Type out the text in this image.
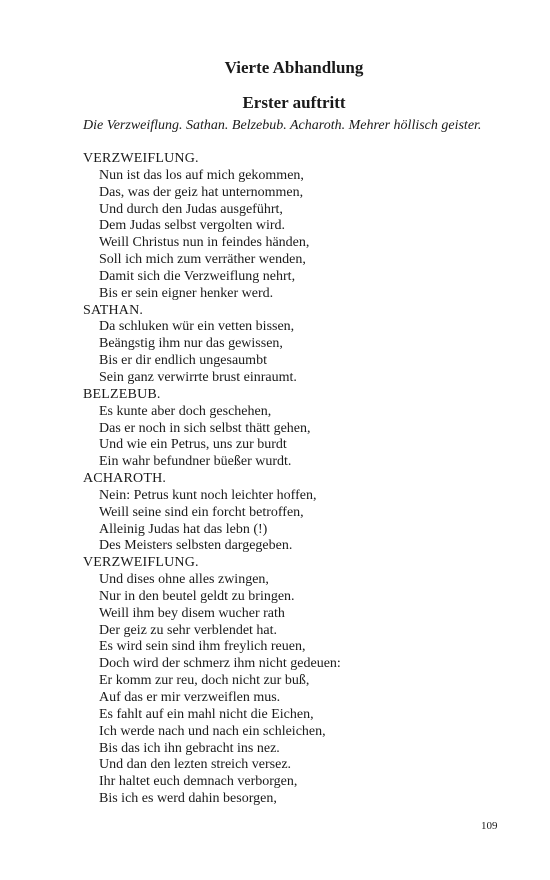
Vierte Abhandlung
Erster auftritt

Die Verzweiflung. Sathan. Belzebub. Acharoth. Mehrer höllisch geister.

VERZWEIFLUNG.
Nun ist das los auf mich gekommen,
Das, was der geiz hat unternommen,
Und durch den Judas ausgeführt,
Dem Judas selbst vergolten wird.
Weill Christus nun in feindes händen,
Soll ich mich zum verräther wenden,
Damit sich die Verzweiflung nehrt,
Bis er sein eigner henker werd.
SATHAN.
Da schluken wür ein vetten bissen,
Beängstig ihm nur das gewissen,
Bis er dir endlich ungesaumbt
Sein ganz verwirrte brust einraumt.
BELZEBUB.
Es kunte aber doch geschehen,
Das er noch in sich selbst thätt gehen,
Und wie ein Petrus, uns zur burdt
Ein wahr befundner büeßer wurdt.
ACHAROTH.
Nein: Petrus kunt noch leichter hoffen,
Weill seine sind ein forcht betroffen,
Alleinig Judas hat das lebn (!)
Des Meisters selbsten dargegeben.
VERZWEIFLUNG.
Und dises ohne alles zwingen,
Nur in den beutel geldt zu bringen.
Weill ihm bey disem wucher rath
Der geiz zu sehr verblendet hat.
Es wird sein sind ihm freylich reuen,
Doch wird der schmerz ihm nicht gedeuen:
Er komm zur reu, doch nicht zur buß,
Auf das er mir verzweiflen mus.
Es fahlt auf ein mahl nicht die Eichen,
Ich werde nach und nach ein schleichen,
Bis das ich ihn gebracht ins nez.
Und dan den lezten streich versez.
Ihr haltet euch demnach verborgen,
Bis ich es werd dahin besorgen,
109
